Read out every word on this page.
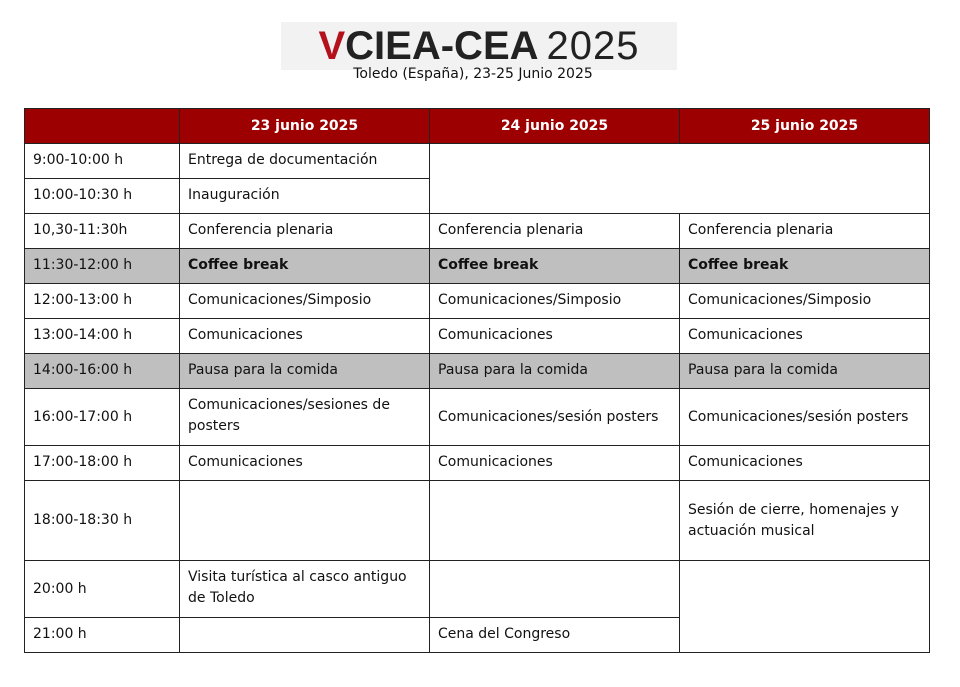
V CIEA-CEA 2025
Toledo (España), 23-25 Junio 2025
	23 junio 2025	24 junio 2025	25 junio 2025
9:00-10:00 h	Entrega de documentación		
10:00-10:30 h	Inauguración		
10,30-11:30h	Conferencia plenaria	Conferencia plenaria	Conferencia plenaria
11:30-12:00 h	Coffee break	Coffee break	Coffee break
12:00-13:00 h	Comunicaciones/Simposio	Comunicaciones/Simposio	Comunicaciones/Simposio
13:00-14:00 h	Comunicaciones	Comunicaciones	Comunicaciones
14:00-16:00 h	Pausa para la comida	Pausa para la comida	Pausa para la comida
16:00-17:00 h	Comunicaciones/sesiones de posters	Comunicaciones/sesión posters	Comunicaciones/sesión posters
17:00-18:00 h	Comunicaciones	Comunicaciones	Comunicaciones
18:00-18:30 h			Sesión de cierre, homenajes y actuación musical
20:00 h	Visita turística al casco antiguo de Toledo		
21:00 h		Cena del Congreso	
